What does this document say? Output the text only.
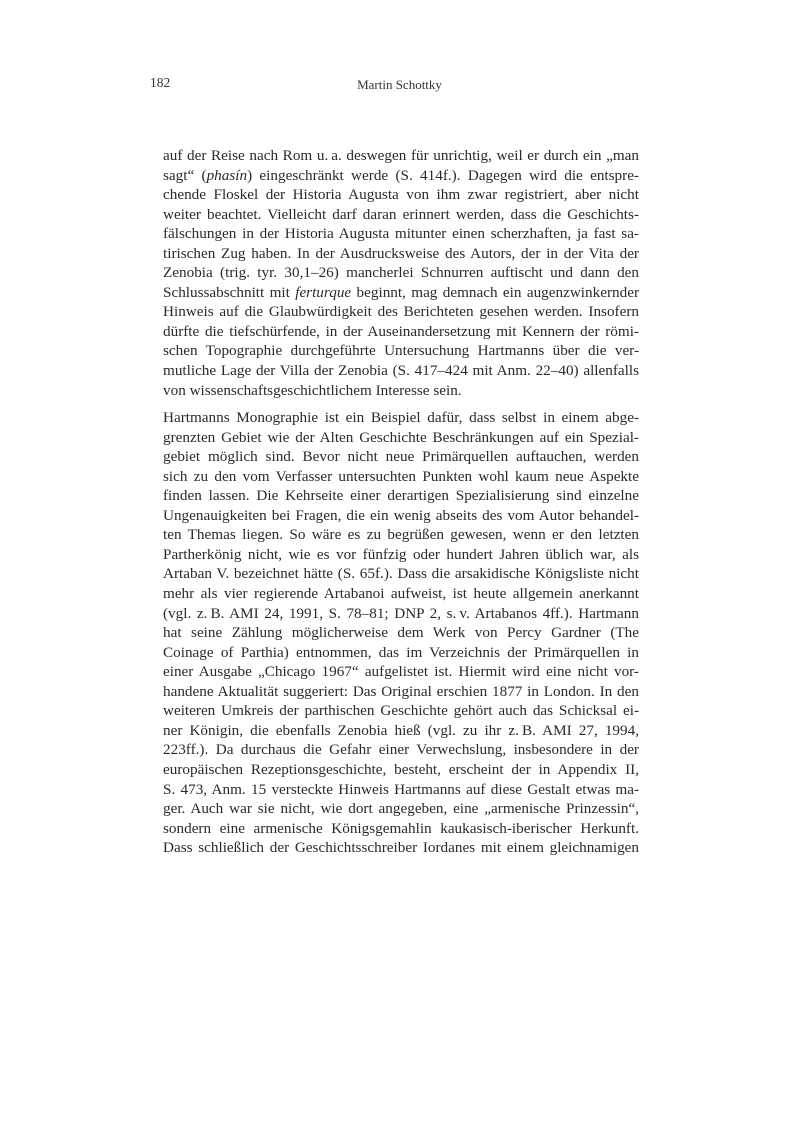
182	Martin Schottky

auf der Reise nach Rom u. a. deswegen für unrichtig, weil er durch ein „man
sagt“ (phasín) eingeschränkt werde (S. 414f.). Dagegen wird die entspre-
chende Floskel der Historia Augusta von ihm zwar registriert, aber nicht
weiter beachtet. Vielleicht darf daran erinnert werden, dass die Geschichts-
fälschungen in der Historia Augusta mitunter einen scherzhaften, ja fast sa-
tirischen Zug haben. In der Ausdrucksweise des Autors, der in der Vita der
Zenobia (trig. tyr. 30,1–26) mancherlei Schnurren auftischt und dann den
Schlussabschnitt mit ferturque beginnt, mag demnach ein augenzwinkernder
Hinweis auf die Glaubwürdigkeit des Berichteten gesehen werden. Insofern
dürfte die tiefschürfende, in der Auseinandersetzung mit Kennern der römi-
schen Topographie durchgeführte Untersuchung Hartmanns über die ver-
mutliche Lage der Villa der Zenobia (S. 417–424 mit Anm. 22–40) allenfalls
von wissenschaftsgeschichtlichem Interesse sein.

Hartmanns Monographie ist ein Beispiel dafür, dass selbst in einem abge-
grenzten Gebiet wie der Alten Geschichte Beschränkungen auf ein Spezial-
gebiet möglich sind. Bevor nicht neue Primärquellen auftauchen, werden
sich zu den vom Verfasser untersuchten Punkten wohl kaum neue Aspekte
finden lassen. Die Kehrseite einer derartigen Spezialisierung sind einzelne
Ungenauigkeiten bei Fragen, die ein wenig abseits des vom Autor behandel-
ten Themas liegen. So wäre es zu begrüßen gewesen, wenn er den letzten
Partherkönig nicht, wie es vor fünfzig oder hundert Jahren üblich war, als
Artaban V. bezeichnet hätte (S. 65f.). Dass die arsakidische Königsliste nicht
mehr als vier regierende Artabanoi aufweist, ist heute allgemein anerkannt
(vgl. z. B. AMI 24, 1991, S. 78–81; DNP 2, s. v. Artabanos 4ff.). Hartmann
hat seine Zählung möglicherweise dem Werk von Percy Gardner (The
Coinage of Parthia) entnommen, das im Verzeichnis der Primärquellen in
einer Ausgabe „Chicago 1967“ aufgelistet ist. Hiermit wird eine nicht vor-
handene Aktualität suggeriert: Das Original erschien 1877 in London. In den
weiteren Umkreis der parthischen Geschichte gehört auch das Schicksal ei-
ner Königin, die ebenfalls Zenobia hieß (vgl. zu ihr z. B. AMI 27, 1994,
223ff.). Da durchaus die Gefahr einer Verwechslung, insbesondere in der
europäischen Rezeptionsgeschichte, besteht, erscheint der in Appendix II,
S. 473, Anm. 15 versteckte Hinweis Hartmanns auf diese Gestalt etwas ma-
ger. Auch war sie nicht, wie dort angegeben, eine „armenische Prinzessin“,
sondern eine armenische Königsgemahlin kaukasisch-iberischer Herkunft.
Dass schließlich der Geschichtsschreiber Iordanes mit einem gleichnamigen
